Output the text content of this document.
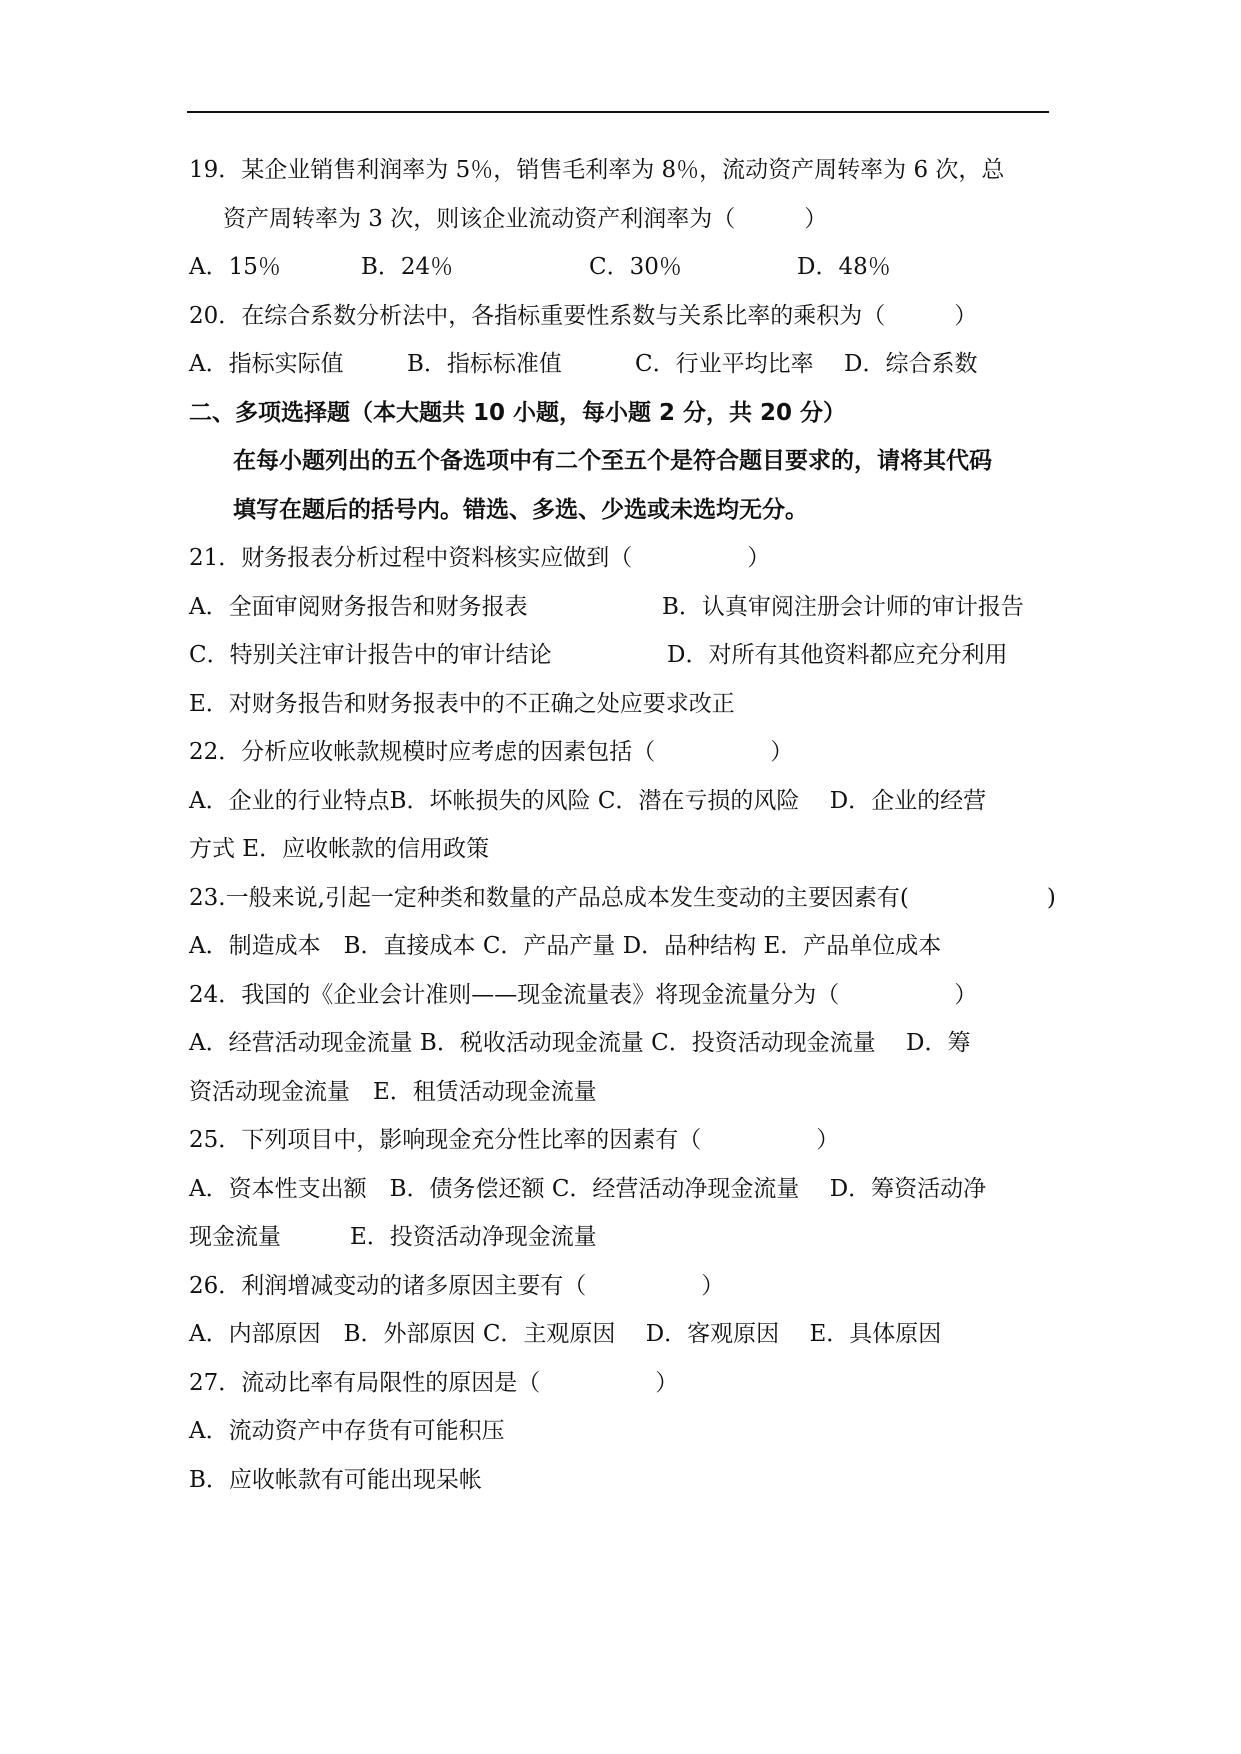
19．某企业销售利润率为 5％，销售毛利率为 8％，流动资产周转率为 6 次，总
资产周转率为 3 次，则该企业流动资产利润率为（　　　）
A．15％	B．24％	C．30％	D．48％
20．在综合系数分析法中，各指标重要性系数与关系比率的乘积为（　　　）
A．指标实际值	B．指标标准值	C．行业平均比率 D．综合系数
二、多项选择题（本大题共 10 小题，每小题 2 分，共 20 分）
在每小题列出的五个备选项中有二个至五个是符合题目要求的，请将其代码
填写在题后的括号内。错选、多选、少选或未选均无分。
21．财务报表分析过程中资料核实应做到（　　　　　）
A．全面审阅财务报告和财务报表	B．认真审阅注册会计师的审计报告
C．特别关注审计报告中的审计结论	D．对所有其他资料都应充分利用
E．对财务报告和财务报表中的不正确之处应要求改正
22．分析应收帐款规模时应考虑的因素包括（　　　　　）
A．企业的行业特点B．坏帐损失的风险 C．潜在亏损的风险　 D．企业的经营
方式 E．应收帐款的信用政策
23.一般来说,引起一定种类和数量的产品总成本发生变动的主要因素有(　　　　　　)
A．制造成本　B．直接成本 C．产品产量 D．品种结构 E．产品单位成本
24．我国的《企业会计准则——现金流量表》将现金流量分为（　　　　　）
A．经营活动现金流量 B．税收活动现金流量 C．投资活动现金流量　 D．筹
资活动现金流量　E．租赁活动现金流量
25．下列项目中，影响现金充分性比率的因素有（　　　　　）
A．资本性支出额　B．债务偿还额 C．经营活动净现金流量　 D．筹资活动净
现金流量　　　E．投资活动净现金流量
26．利润增减变动的诸多原因主要有（　　　　　）
A．内部原因　B．外部原因 C．主观原因　 D．客观原因　 E．具体原因
27．流动比率有局限性的原因是（　　　　　）
A．流动资产中存货有可能积压
B．应收帐款有可能出现呆帐
